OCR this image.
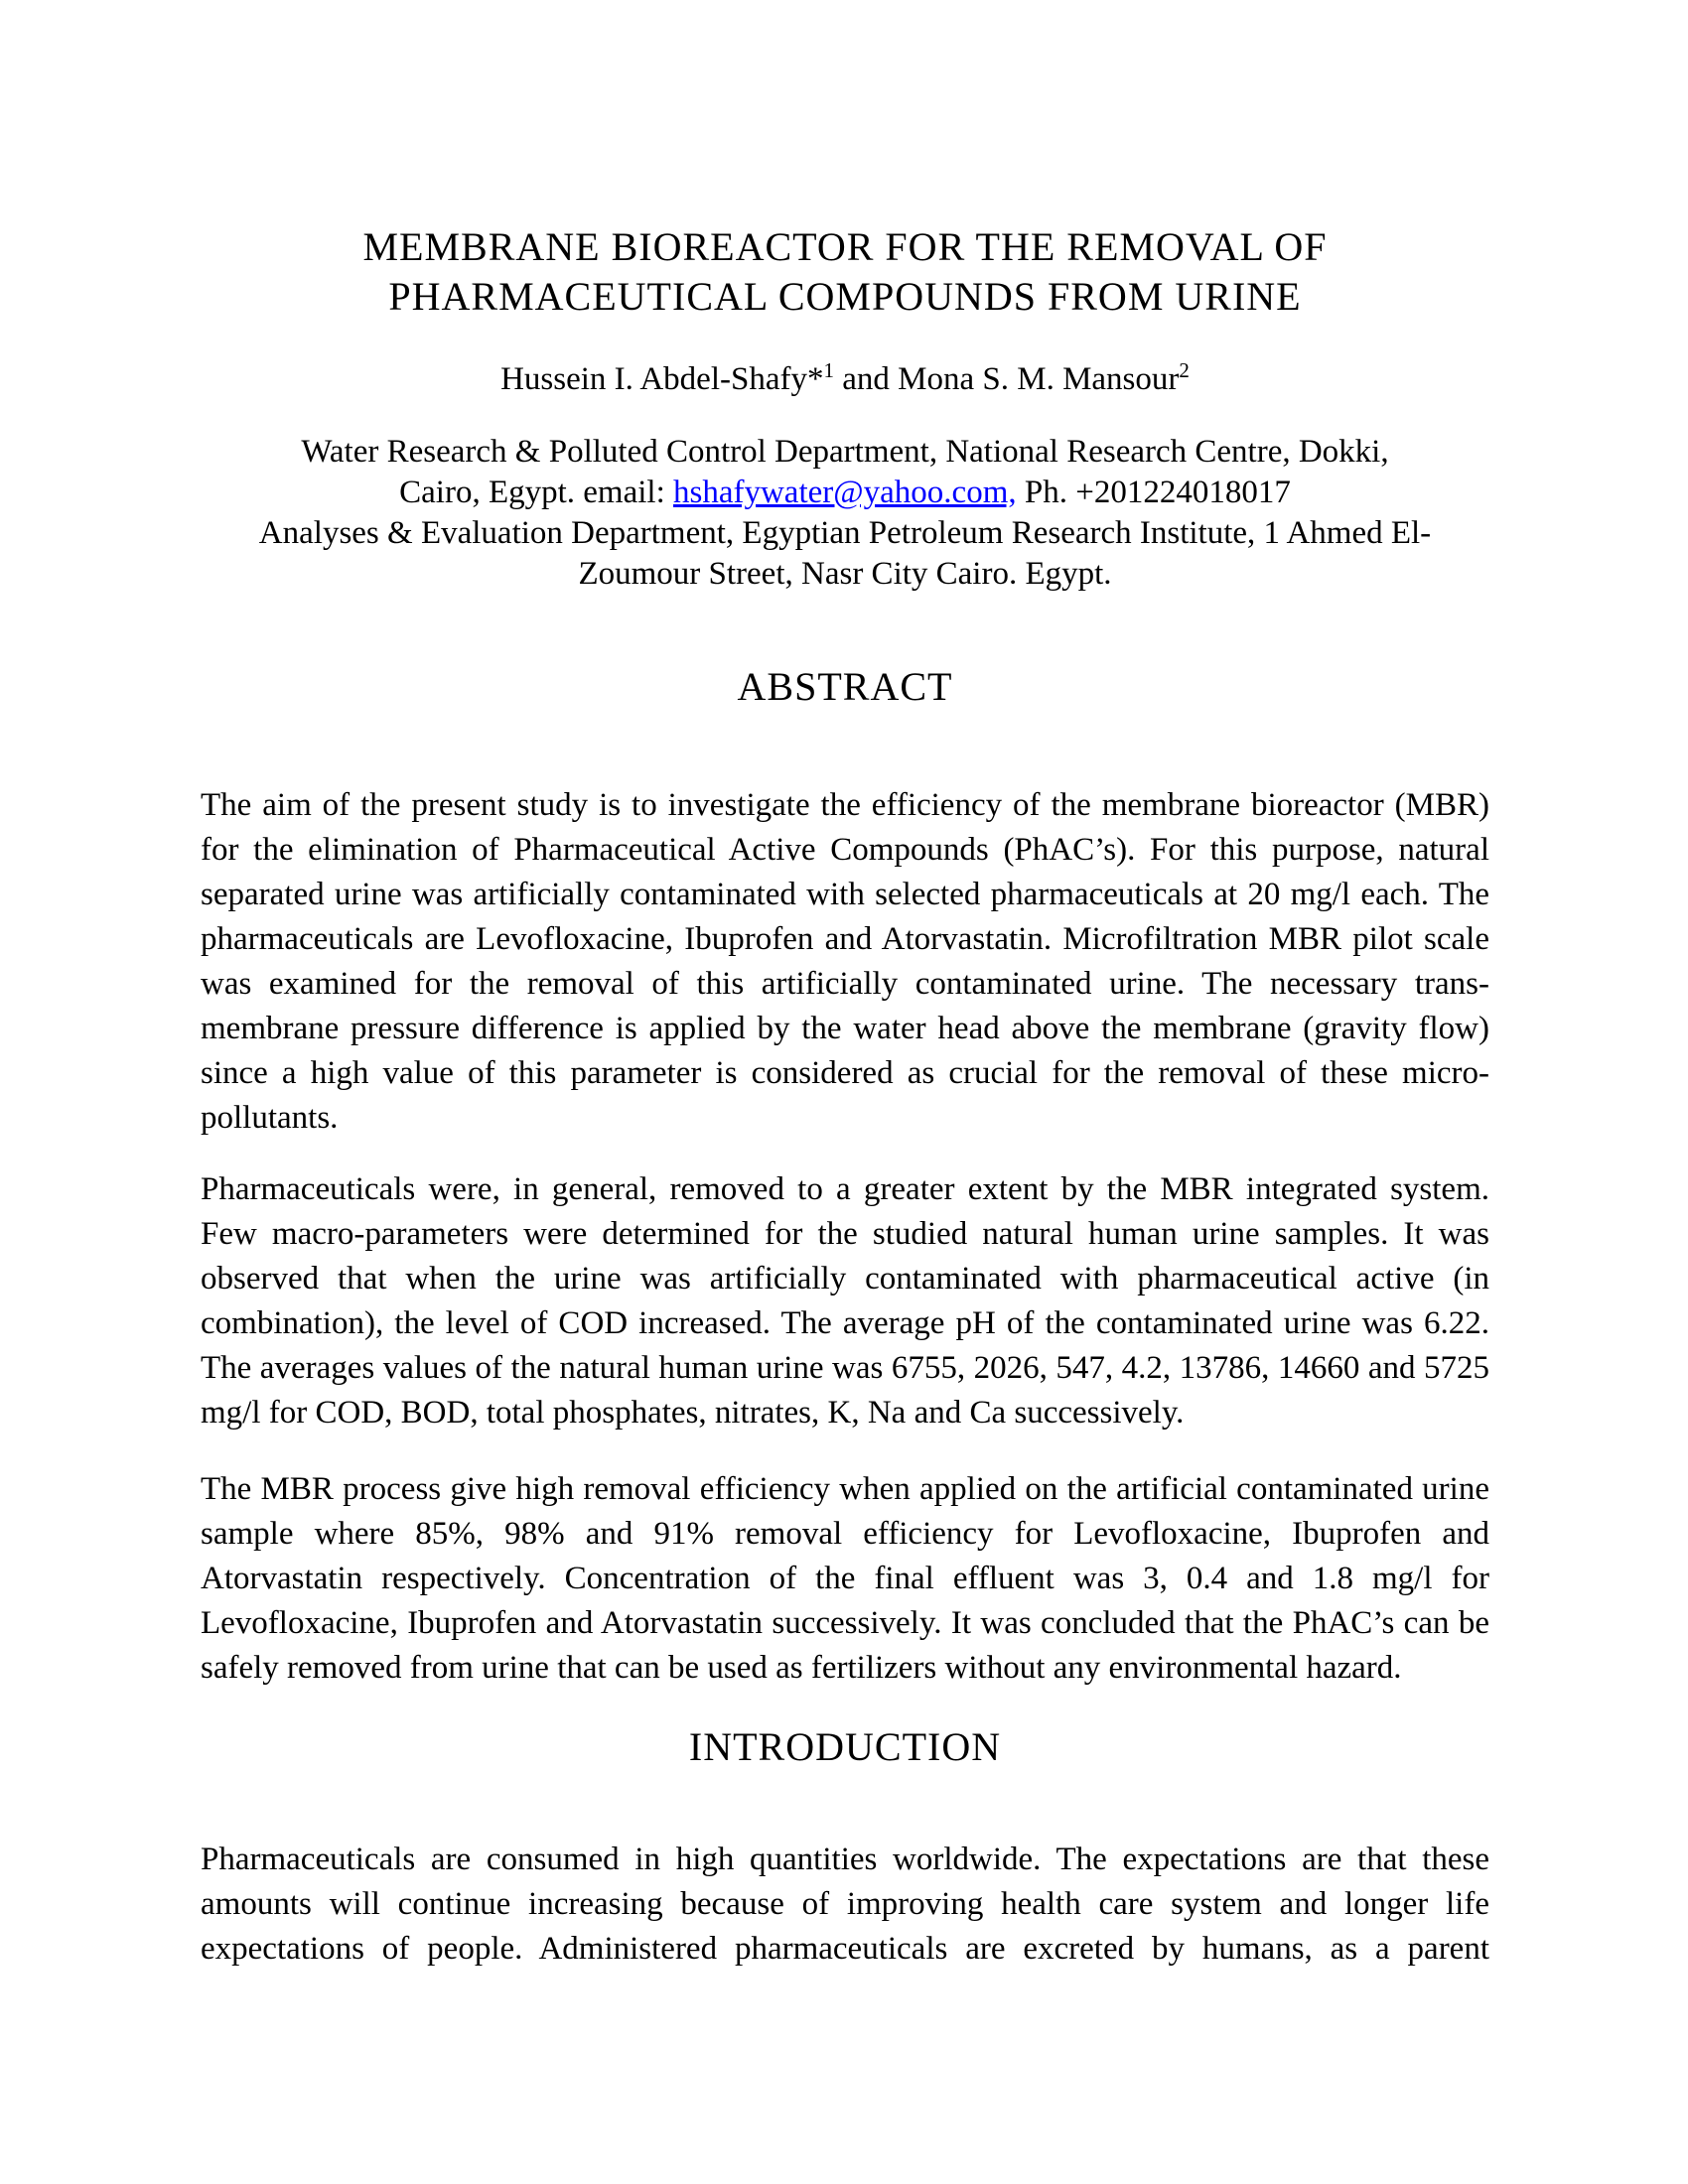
MEMBRANE BIOREACTOR FOR THE REMOVAL OF
PHARMACEUTICAL COMPOUNDS FROM URINE
Hussein I. Abdel-Shafy*$^1$ and Mona S. M. Mansour$^2$
Water Research & Polluted Control Department, National Research Centre, Dokki,
Cairo, Egypt. email: hshafywater@yahoo.com, Ph. +201224018017
Analyses & Evaluation Department, Egyptian Petroleum Research Institute, 1 Ahmed El-
Zoumour Street, Nasr City Cairo. Egypt.
ABSTRACT

The aim of the present study is to investigate the efficiency of the membrane bioreactor (MBR) for the elimination of Pharmaceutical Active Compounds (PhAC’s). For this purpose, natural separated urine was artificially contaminated with selected pharmaceuticals at 20 mg/l each. The pharmaceuticals are Levofloxacine, Ibuprofen and Atorvastatin. Microfiltration MBR pilot scale was examined for the removal of this artificially contaminated urine. The necessary trans-membrane pressure difference is applied by the water head above the membrane (gravity flow) since a high value of this parameter is considered as crucial for the removal of these micro-pollutants.

Pharmaceuticals were, in general, removed to a greater extent by the MBR integrated system. Few macro-parameters were determined for the studied natural human urine samples. It was observed that when the urine was artificially contaminated with pharmaceutical active (in combination), the level of COD increased. The average pH of the contaminated urine was 6.22. The averages values of the natural human urine was 6755, 2026, 547, 4.2, 13786, 14660 and 5725 mg/l for COD, BOD, total phosphates, nitrates, K, Na and Ca successively.

The MBR process give high removal efficiency when applied on the artificial contaminated urine sample where 85%, 98% and 91% removal efficiency for Levofloxacine, Ibuprofen and Atorvastatin respectively. Concentration of the final effluent was 3, 0.4 and 1.8 mg/l for Levofloxacine, Ibuprofen and Atorvastatin successively. It was concluded that the PhAC’s can be safely removed from urine that can be used as fertilizers without any environmental hazard.

INTRODUCTION

Pharmaceuticals are consumed in high quantities worldwide. The expectations are that these amounts will continue increasing because of improving health care system and longer life expectations of people. Administered pharmaceuticals are excreted by humans, as a parent
